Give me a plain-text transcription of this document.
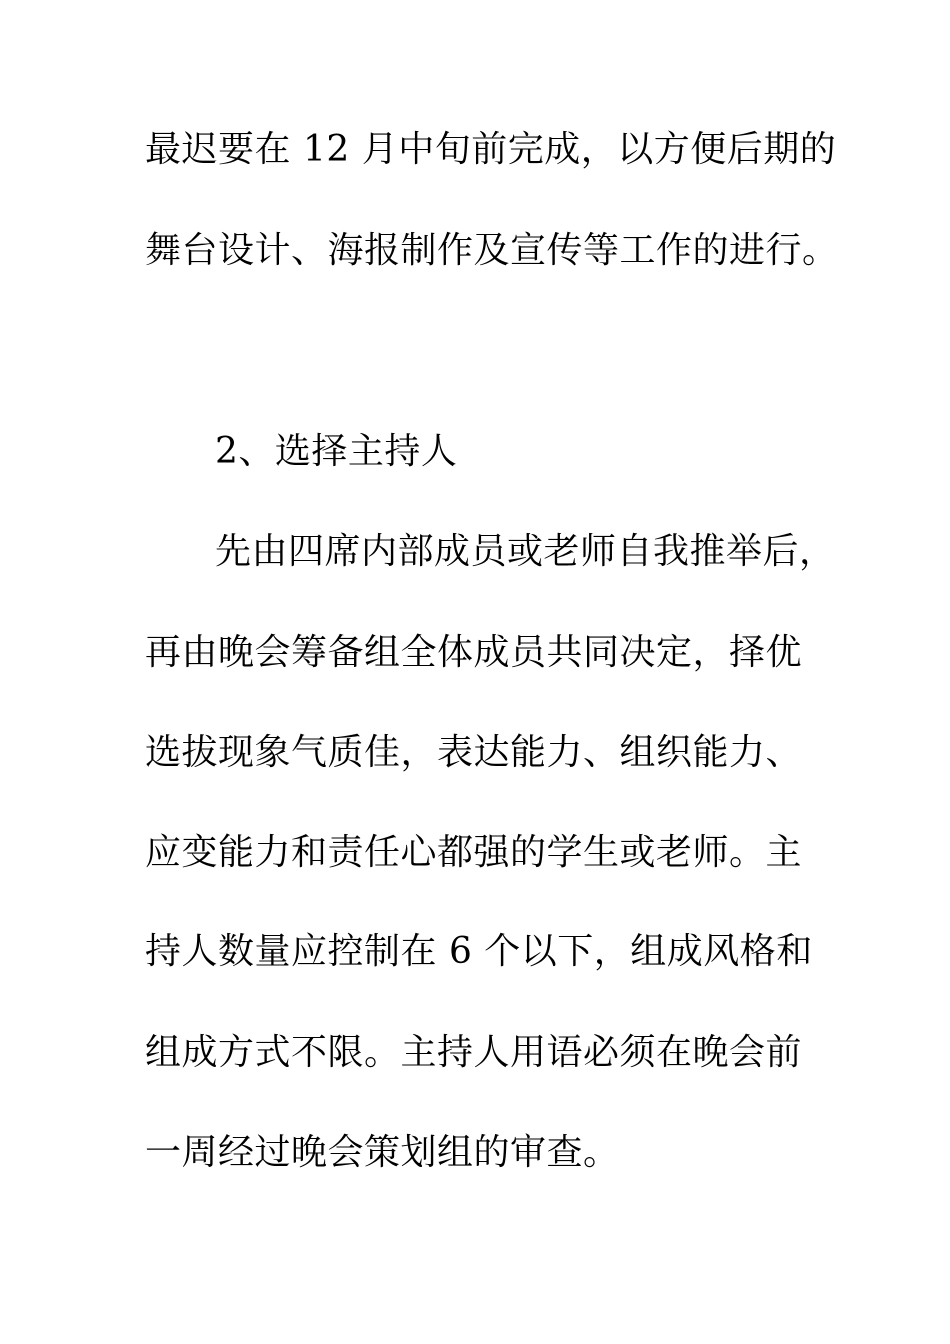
最迟要在 12 月中旬前完成，以方便后期的
舞台设计、海报制作及宣传等工作的进行。
2、选择主持人
先由四席内部成员或老师自我推举后，
再由晚会筹备组全体成员共同决定，择优
选拔现象气质佳，表达能力、组织能力、
应变能力和责任心都强的学生或老师。主
持人数量应控制在 6 个以下，组成风格和
组成方式不限。主持人用语必须在晚会前
一周经过晚会策划组的审查。
